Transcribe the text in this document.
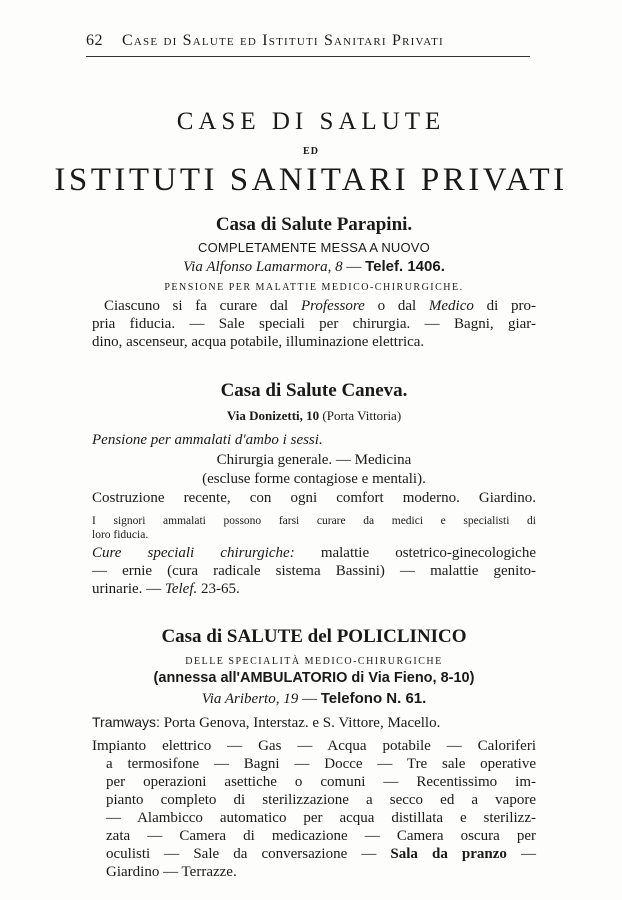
62 Case di Salute ed Istituti Sanitari Privati
CASE DI SALUTE
ED
ISTITUTI SANITARI PRIVATI
Casa di Salute Parapini.
COMPLETAMENTE MESSA A NUOVO
Via Alfonso Lamarmora, 8 — Telef. 1406.
PENSIONE PER MALATTIE MEDICO-CHIRURGICHE.
Ciascuno si fa curare dal Professore o dal Medico di pro-
pria fiducia. — Sale speciali per chirurgia. — Bagni, giar-
dino, ascenseur, acqua potabile, illuminazione elettrica.
Casa di Salute Caneva.
Via Donizetti, 10 (Porta Vittoria)
Pensione per ammalati d'ambo i sessi.
Chirurgia generale. — Medicina
(escluse forme contagiose e mentali).
Costruzione recente, con ogni comfort moderno. Giardino.
I signori ammalati possono farsi curare da medici e specialisti di
loro fiducia.
Cure speciali chirurgiche: malattie ostetrico-ginecologiche
— ernie (cura radicale sistema Bassini) — malattie genito-
urinarie. — Telef. 23-65.
Casa di SALUTE del POLICLINICO
DELLE SPECIALITÀ MEDICO-CHIRURGICHE
(annessa all'AMBULATORIO di Via Fieno, 8-10)
Via Ariberto, 19 — Telefono N. 61.
Tramways: Porta Genova, Interstaz. e S. Vittore, Macello.
Impianto elettrico — Gas — Acqua potabile — Caloriferi
a termosifone — Bagni — Docce — Tre sale operative
per operazioni asettiche o comuni — Recentissimo im-
pianto completo di sterilizzazione a secco ed a vapore
— Alambicco automatico per acqua distillata e sterilizz-
zata — Camera di medicazione — Camera oscura per
oculisti — Sale da conversazione — Sala da pranzo —
Giardino — Terrazze.
